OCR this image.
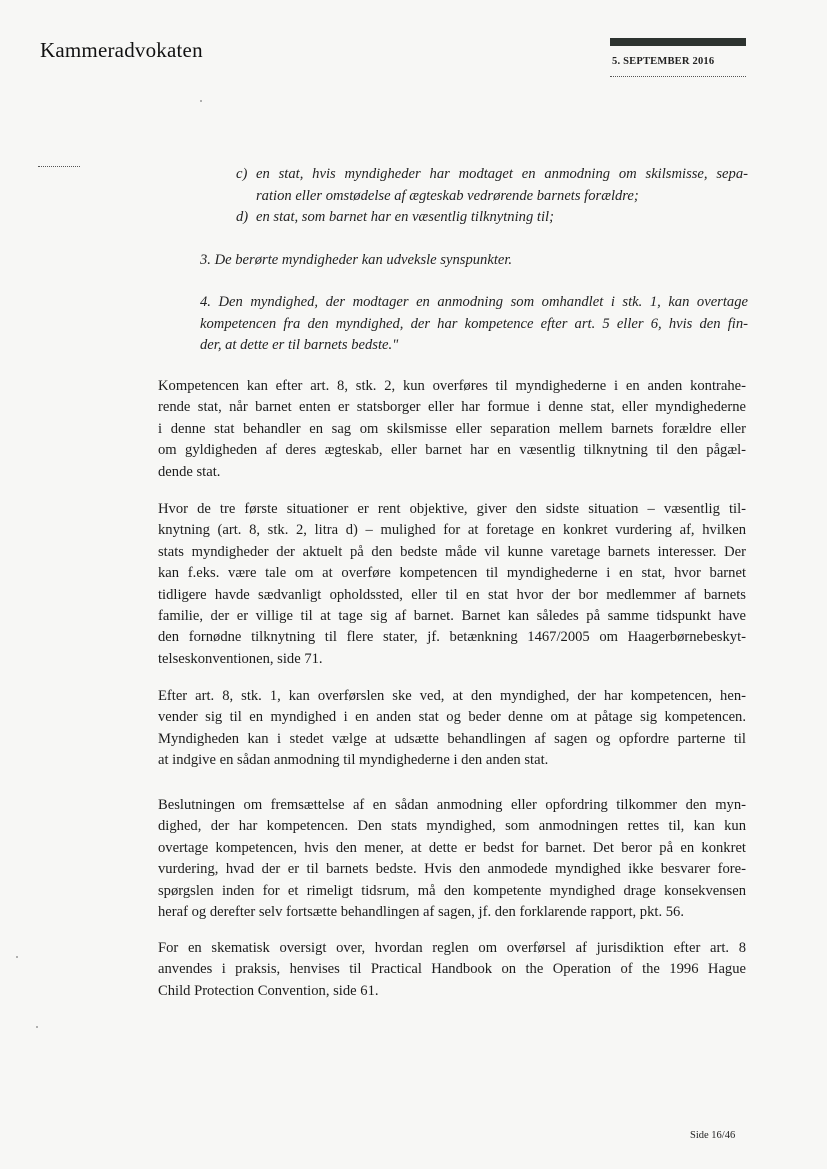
Kammeradvokaten	5. SEPTEMBER 2016
c) en stat, hvis myndigheder har modtaget en anmodning om skilsmisse, sepa-
ration eller omstødelse af ægteskab vedrørende barnets forældre;
d) en stat, som barnet har en væsentlig tilknytning til;
3. De berørte myndigheder kan udveksle synspunkter.
4. Den myndighed, der modtager en anmodning som omhandlet i stk. 1, kan overtage
kompetencen fra den myndighed, der har kompetence efter art. 5 eller 6, hvis den fin-
der, at dette er til barnets bedste."
Kompetencen kan efter art. 8, stk. 2, kun overføres til myndighederne i en anden kontrahe-
rende stat, når barnet enten er statsborger eller har formue i denne stat, eller myndighederne
i denne stat behandler en sag om skilsmisse eller separation mellem barnets forældre eller
om gyldigheden af deres ægteskab, eller barnet har en væsentlig tilknytning til den pågæl-
dende stat.
Hvor de tre første situationer er rent objektive, giver den sidste situation – væsentlig til-
knytning (art. 8, stk. 2, litra d) – mulighed for at foretage en konkret vurdering af, hvilken
stats myndigheder der aktuelt på den bedste måde vil kunne varetage barnets interesser. Der
kan f.eks. være tale om at overføre kompetencen til myndighederne i en stat, hvor barnet
tidligere havde sædvanligt opholdssted, eller til en stat hvor der bor medlemmer af barnets
familie, der er villige til at tage sig af barnet. Barnet kan således på samme tidspunkt have
den fornødne tilknytning til flere stater, jf. betænkning 1467/2005 om Haagerbørnebeskyt-
telseskonventionen, side 71.
Efter art. 8, stk. 1, kan overførslen ske ved, at den myndighed, der har kompetencen, hen-
vender sig til en myndighed i en anden stat og beder denne om at påtage sig kompetencen.
Myndigheden kan i stedet vælge at udsætte behandlingen af sagen og opfordre parterne til
at indgive en sådan anmodning til myndighederne i den anden stat.
Beslutningen om fremsættelse af en sådan anmodning eller opfordring tilkommer den myn-
dighed, der har kompetencen. Den stats myndighed, som anmodningen rettes til, kan kun
overtage kompetencen, hvis den mener, at dette er bedst for barnet. Det beror på en konkret
vurdering, hvad der er til barnets bedste. Hvis den anmodede myndighed ikke besvarer fore-
spørgslen inden for et rimeligt tidsrum, må den kompetente myndighed drage konsekvensen
heraf og derefter selv fortsætte behandlingen af sagen, jf. den forklarende rapport, pkt. 56.
For en skematisk oversigt over, hvordan reglen om overførsel af jurisdiktion efter art. 8
anvendes i praksis, henvises til Practical Handbook on the Operation of the 1996 Hague
Child Protection Convention, side 61.
Side 16/46
